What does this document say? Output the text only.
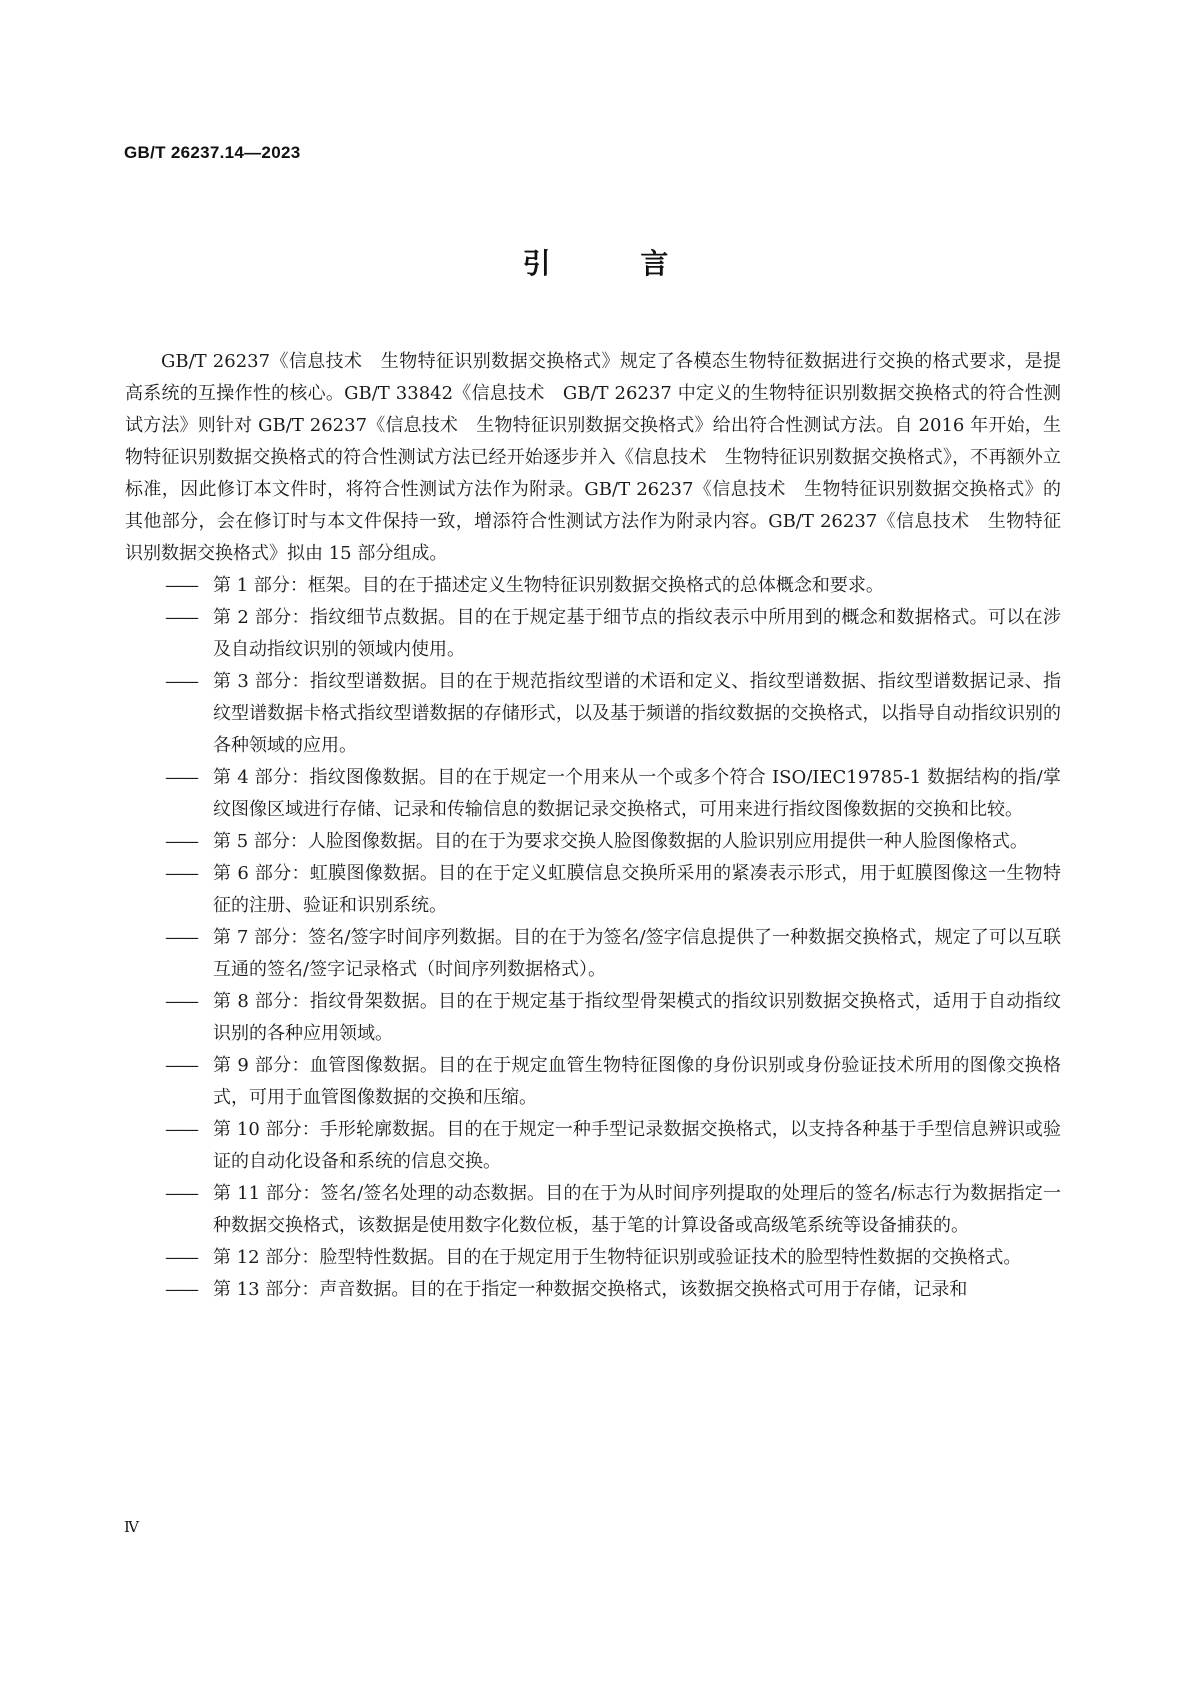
GB/T 26237.14—2023
引 言

GB/T 26237《信息技术　生物特征识别数据交换格式》规定了各模态生物特征数据进行交换的格式要求，是提高系统的互操作性的核心。GB/T 33842《信息技术　GB/T 26237 中定义的生物特征识别数据交换格式的符合性测试方法》则针对 GB/T 26237《信息技术　生物特征识别数据交换格式》给出符合性测试方法。自 2016 年开始，生物特征识别数据交换格式的符合性测试方法已经开始逐步并入《信息技术　生物特征识别数据交换格式》，不再额外立标准，因此修订本文件时，将符合性测试方法作为附录。GB/T 26237《信息技术　生物特征识别数据交换格式》的其他部分，会在修订时与本文件保持一致，增添符合性测试方法作为附录内容。GB/T 26237《信息技术　生物特征识别数据交换格式》拟由 15 部分组成。

—— 第 1 部分：框架。目的在于描述定义生物特征识别数据交换格式的总体概念和要求。
—— 第 2 部分：指纹细节点数据。目的在于规定基于细节点的指纹表示中所用到的概念和数据格式。可以在涉及自动指纹识别的领域内使用。
—— 第 3 部分：指纹型谱数据。目的在于规范指纹型谱的术语和定义、指纹型谱数据、指纹型谱数据记录、指纹型谱数据卡格式指纹型谱数据的存储形式，以及基于频谱的指纹数据的交换格式，以指导自动指纹识别的各种领域的应用。
—— 第 4 部分：指纹图像数据。目的在于规定一个用来从一个或多个符合 ISO/IEC19785-1 数据结构的指/掌纹图像区域进行存储、记录和传输信息的数据记录交换格式，可用来进行指纹图像数据的交换和比较。
—— 第 5 部分：人脸图像数据。目的在于为要求交换人脸图像数据的人脸识别应用提供一种人脸图像格式。
—— 第 6 部分：虹膜图像数据。目的在于定义虹膜信息交换所采用的紧凑表示形式，用于虹膜图像这一生物特征的注册、验证和识别系统。
—— 第 7 部分：签名/签字时间序列数据。目的在于为签名/签字信息提供了一种数据交换格式，规定了可以互联互通的签名/签字记录格式（时间序列数据格式）。
—— 第 8 部分：指纹骨架数据。目的在于规定基于指纹型骨架模式的指纹识别数据交换格式，适用于自动指纹识别的各种应用领域。
—— 第 9 部分：血管图像数据。目的在于规定血管生物特征图像的身份识别或身份验证技术所用的图像交换格式，可用于血管图像数据的交换和压缩。
—— 第 10 部分：手形轮廓数据。目的在于规定一种手型记录数据交换格式，以支持各种基于手型信息辨识或验证的自动化设备和系统的信息交换。
—— 第 11 部分：签名/签名处理的动态数据。目的在于为从时间序列提取的处理后的签名/标志行为数据指定一种数据交换格式，该数据是使用数字化数位板，基于笔的计算设备或高级笔系统等设备捕获的。
—— 第 12 部分：脸型特性数据。目的在于规定用于生物特征识别或验证技术的脸型特性数据的交换格式。
—— 第 13 部分：声音数据。目的在于指定一种数据交换格式，该数据交换格式可用于存储，记录和
Ⅳ
